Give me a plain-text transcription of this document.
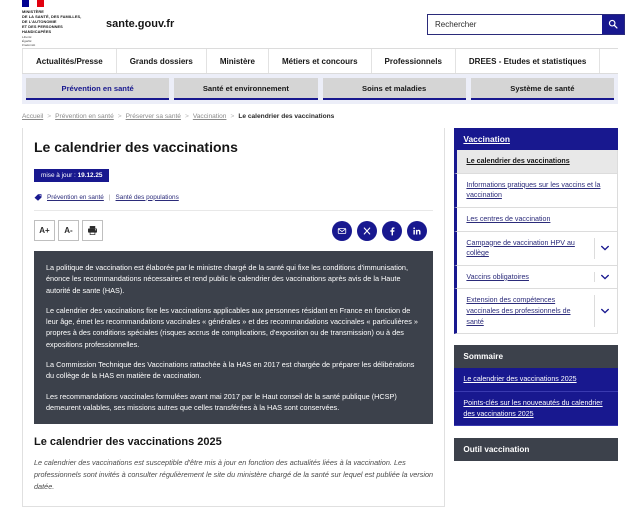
MINISTÈRE
DE LA SANTÉ, DES FAMILLES,
DE L'AUTONOMIE
ET DES PERSONNES HANDICAPÉES
Liberté
Égalité
Fraternité
sante.gouv.fr
Rechercher
Actualités/Presse	Grands dossiers	Ministère	Métiers et concours	Professionnels	DREES - Etudes et statistiques
Prévention en santé	Santé et environnement	Soins et maladies	Système de santé
Accueil > Prévention en santé > Préserver sa santé > Vaccination > Le calendrier des vaccinations
Le calendrier des vaccinations
mise à jour : 19.12.25
Prévention en santé | Santé des populations
A+	A-

La politique de vaccination est élaborée par le ministre chargé de la santé qui fixe les conditions d'immunisation, énonce les recommandations nécessaires et rend public le calendrier des vaccinations après avis de la Haute autorité de sante (HAS).

Le calendrier des vaccinations fixe les vaccinations applicables aux personnes résidant en France en fonction de leur âge, émet les recommandations vaccinales « générales » et des recommandations vaccinales « particulières » propres à des conditions spéciales (risques accrus de complications, d'exposition ou de transmission) ou à des expositions professionnelles.

La Commission Technique des Vaccinations rattachée à la HAS en 2017 est chargée de préparer les délibérations du collège de la HAS en matière de vaccination.

Les recommandations vaccinales formulées avant mai 2017 par le Haut conseil de la santé publique (HCSP) demeurent valables, ses missions autres que celles transférées à la HAS sont conservées.

Le calendrier des vaccinations 2025
Le calendrier des vaccinations est susceptible d'être mis à jour en fonction des actualités liées à la vaccination. Les professionnels sont invités à consulter régulièrement le site du ministère chargé de la santé sur lequel est publiée la version datée.
Vaccination
Le calendrier des vaccinations
Informations pratiques sur les vaccins et la vaccination
Les centres de vaccination
Campagne de vaccination HPV au collège
Vaccins obligatoires
Extension des compétences vaccinales des professionnels de santé
Sommaire
Le calendrier des vaccinations 2025
Points-clés sur les nouveautés du calendrier des vaccinations 2025
Outil vaccination
